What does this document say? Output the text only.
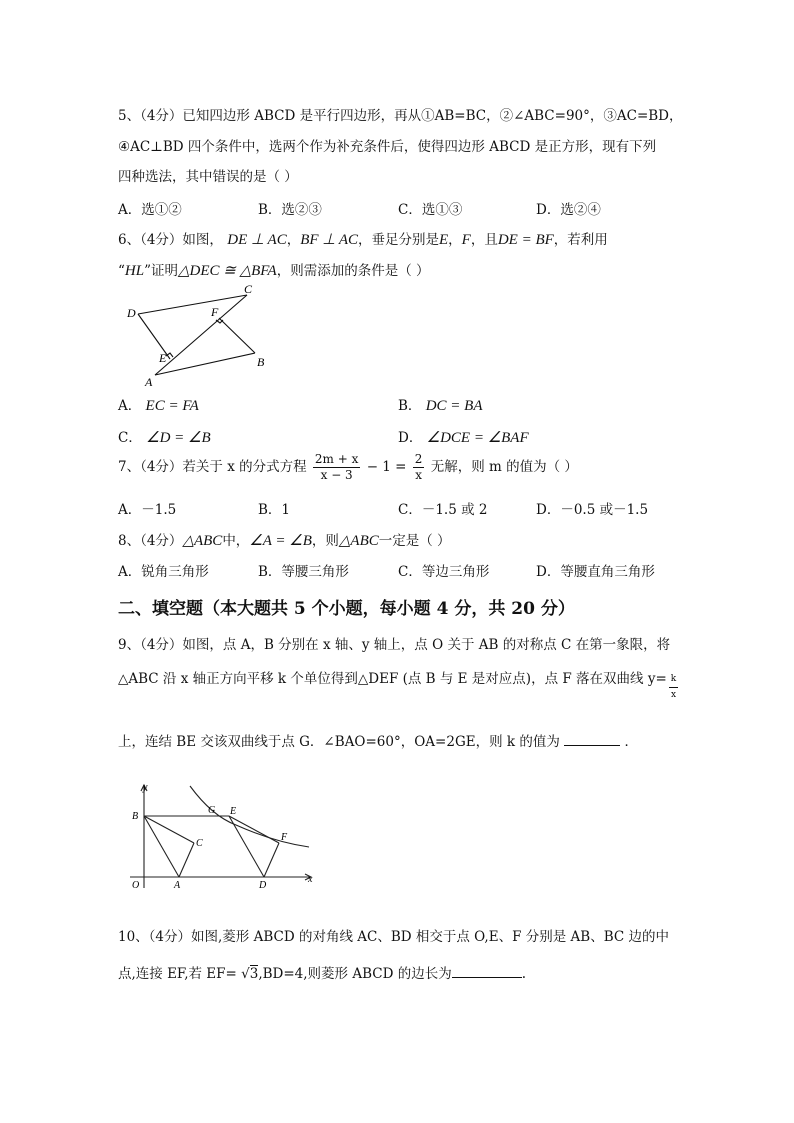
5、（4分）已知四边形 ABCD 是平行四边形，再从①AB=BC，②∠ABC=90°，③AC=BD，
④AC⊥BD 四个条件中，选两个作为补充条件后，使得四边形 ABCD 是正方形，现有下列
四种选法，其中错误的是（ ）
A．选①②	B．选②③	C．选①③	D．选②④
6、（4分）如图， DE ⊥ AC，BF ⊥ AC，垂足分别是E，F，且DE = BF，若利用
“HL”证明△DEC ≅ △BFA，则需添加的条件是（ ）
C
D	F
E	B
A
A． EC = FA	B． DC = BA
C． ∠D = ∠B	D． ∠DCE = ∠BAF
7、（4分）若关于 x 的分式方程 $\frac{2m + x}{x - 3} - 1 = \frac{2}{x}$ 无解，则 m 的值为（ ）
A．－1.5	B．1	C．－1.5 或 2	D．－0.5 或－1.5
8、（4分）△ABC中，∠A = ∠B，则△ABC一定是（ ）
A．锐角三角形	B．等腰三角形	C．等边三角形	D．等腰直角三角形
二、填空题（本大题共 5 个小题，每小题 4 分，共 20 分）
9、（4分）如图，点 A，B 分别在 x 轴、y 轴上，点 O 关于 AB 的对称点 C 在第一象限，将
△ABC 沿 x 轴正方向平移 k 个单位得到△DEF (点 B 与 E 是对应点)，点 F 落在双曲线 $y= \frac{k}{x}$
上，连结 BE 交该双曲线于点 G．∠BAO=60°，OA=2GE，则 k 的值为	．
y
x
O	A
B
C
G E
F
D
10、（4分）如图,菱形 ABCD 的对角线 AC、BD 相交于点 O,E、F 分别是 AB、BC 边的中
点,连接 EF,若 EF= √3,BD=4,则菱形 ABCD 的边长为	.
